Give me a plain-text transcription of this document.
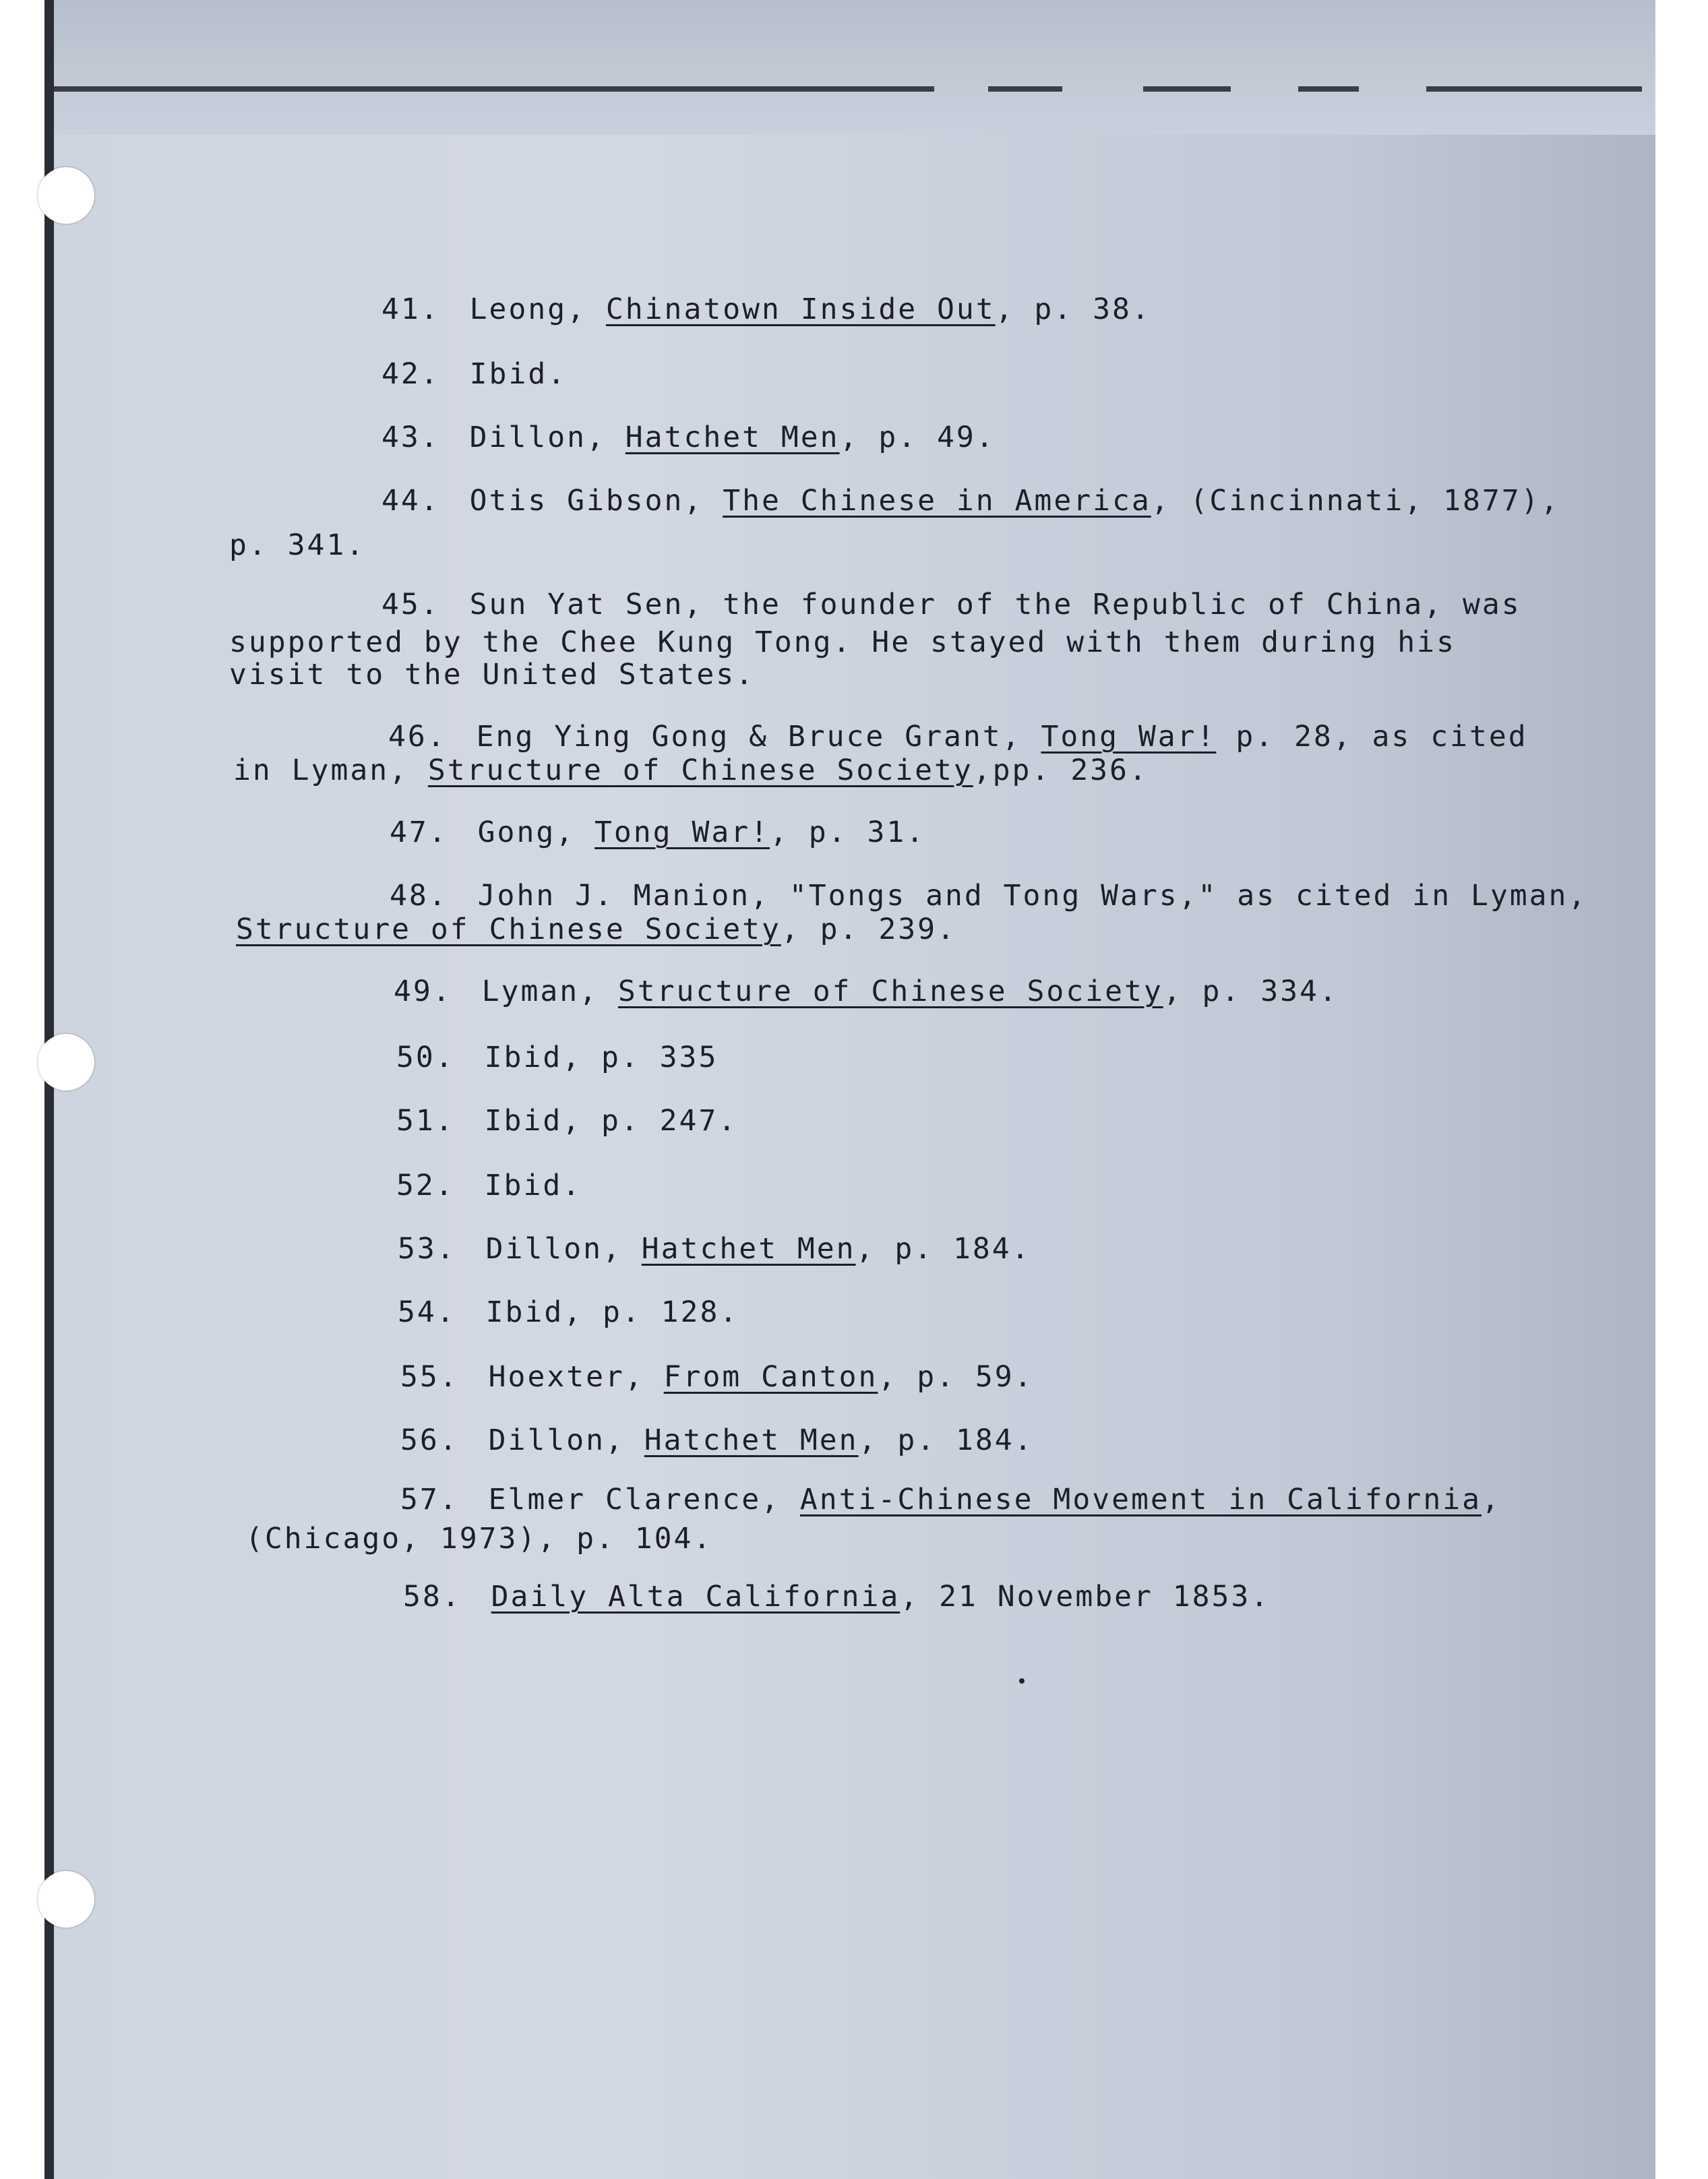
41. Leong, Chinatown Inside Out, p. 38.
42. Ibid.
43. Dillon, Hatchet Men, p. 49.
44. Otis Gibson, The Chinese in America, (Cincinnati, 1877),
p. 341.
45. Sun Yat Sen, the founder of the Republic of China, was
supported by the Chee Kung Tong. He stayed with them during his
visit to the United States.
46. Eng Ying Gong & Bruce Grant, Tong War! p. 28, as cited
in Lyman, Structure of Chinese Society,pp. 236.
47. Gong, Tong War!, p. 31.
48. John J. Manion, "Tongs and Tong Wars," as cited in Lyman,
Structure of Chinese Society, p. 239.
49. Lyman, Structure of Chinese Society, p. 334.
50. Ibid, p. 335
51. Ibid, p. 247.
52. Ibid.
53. Dillon, Hatchet Men, p. 184.
54. Ibid, p. 128.
55. Hoexter, From Canton, p. 59.
56. Dillon, Hatchet Men, p. 184.
57. Elmer Clarence, Anti-Chinese Movement in California,
(Chicago, 1973), p. 104.
58. Daily Alta California, 21 November 1853.
